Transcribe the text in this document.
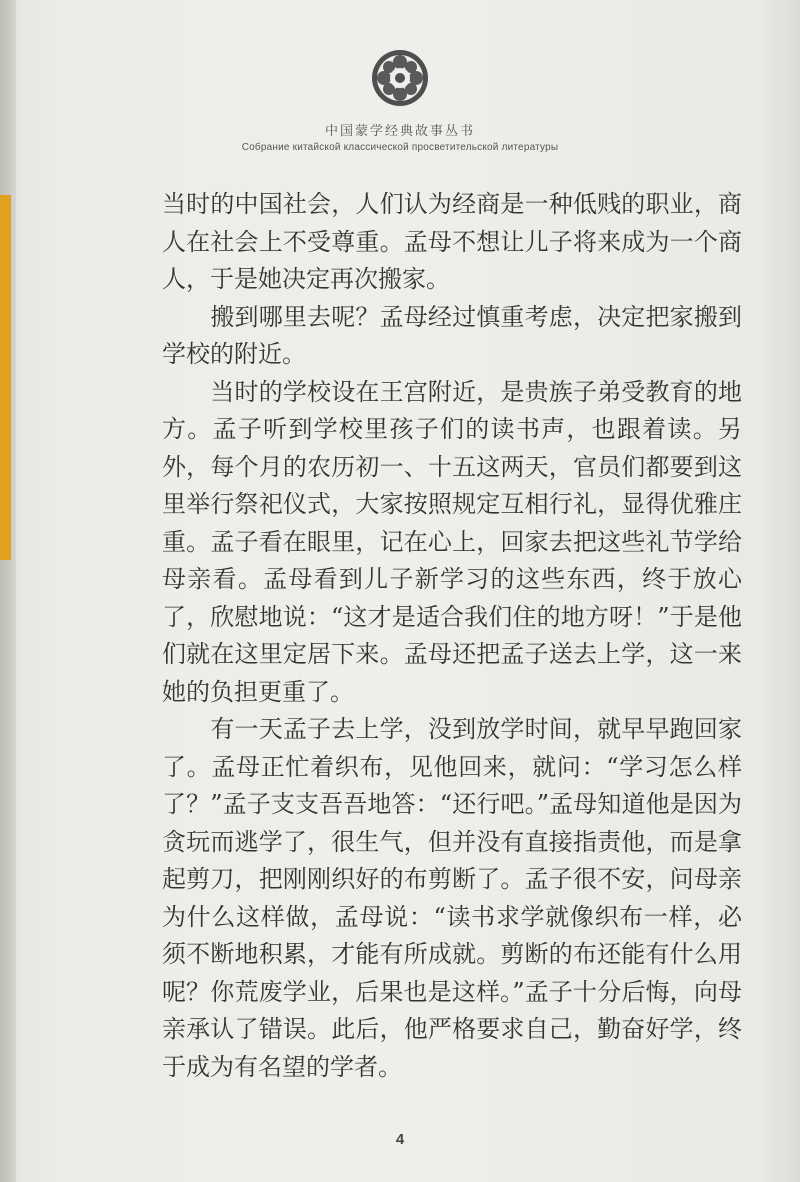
中国蒙学经典故事丛书
Собрание китайской классической просветительской литературы

当时的中国社会，人们认为经商是一种低贱的职业，商人在社会上不受尊重。孟母不想让儿子将来成为一个商人，于是她决定再次搬家。

　　搬到哪里去呢？孟母经过慎重考虑，决定把家搬到学校的附近。

　　当时的学校设在王宫附近，是贵族子弟受教育的地方。孟子听到学校里孩子们的读书声，也跟着读。另外，每个月的农历初一、十五这两天，官员们都要到这里举行祭祀仪式，大家按照规定互相行礼，显得优雅庄重。孟子看在眼里，记在心上，回家去把这些礼节学给母亲看。孟母看到儿子新学习的这些东西，终于放心了，欣慰地说：“这才是适合我们住的地方呀！”于是他们就在这里定居下来。孟母还把孟子送去上学，这一来她的负担更重了。

　　有一天孟子去上学，没到放学时间，就早早跑回家了。孟母正忙着织布，见他回来，就问：“学习怎么样了？”孟子支支吾吾地答：“还行吧。”孟母知道他是因为贪玩而逃学了，很生气，但并没有直接指责他，而是拿起剪刀，把刚刚织好的布剪断了。孟子很不安，问母亲为什么这样做，孟母说：“读书求学就像织布一样，必须不断地积累，才能有所成就。剪断的布还能有什么用呢？你荒废学业，后果也是这样。”孟子十分后悔，向母亲承认了错误。此后，他严格要求自己，勤奋好学，终于成为有名望的学者。

4
